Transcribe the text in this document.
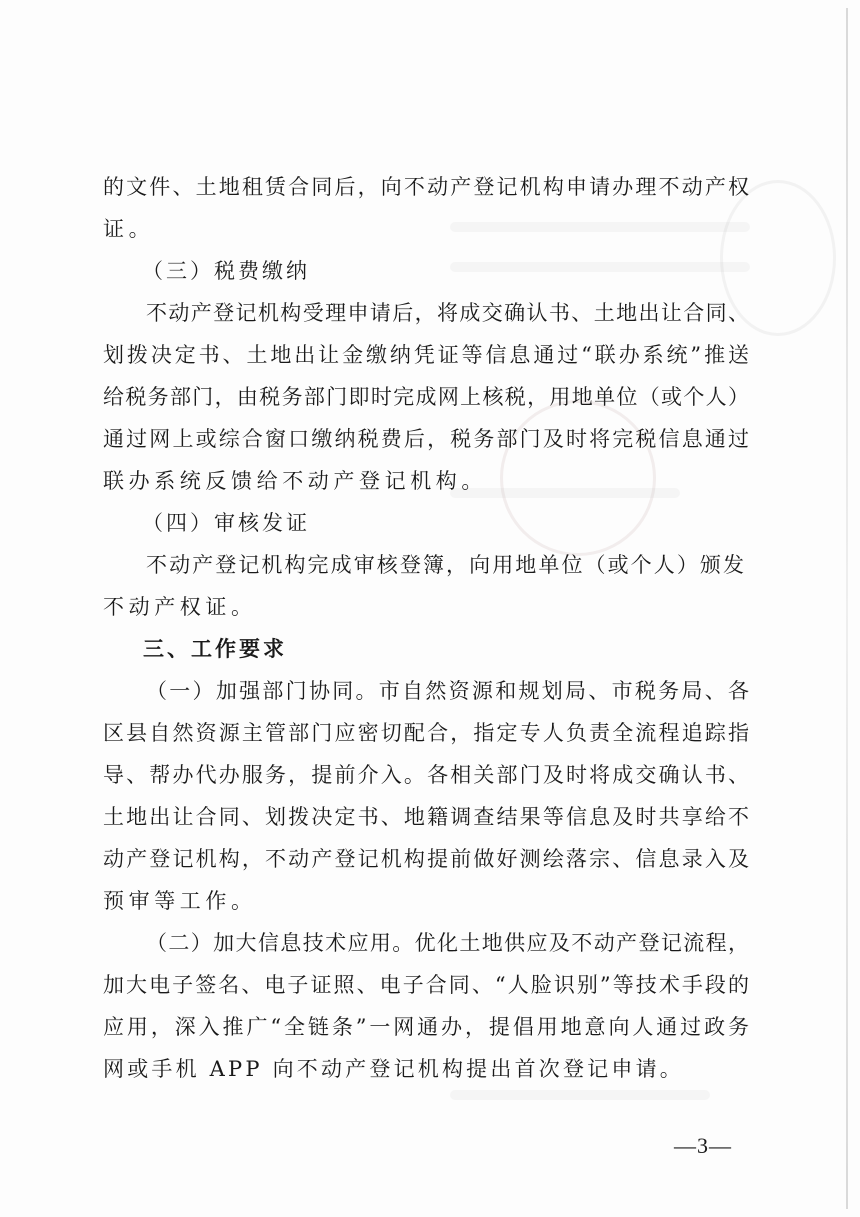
的文件、土地租赁合同后，向不动产登记机构申请办理不动产权
证。
（三）税费缴纳
不动产登记机构受理申请后，将成交确认书、土地出让合同、
划拨决定书、土地出让金缴纳凭证等信息通过“联办系统”推送
给税务部门，由税务部门即时完成网上核税，用地单位（或个人）
通过网上或综合窗口缴纳税费后，税务部门及时将完税信息通过
联办系统反馈给不动产登记机构。
（四）审核发证
不动产登记机构完成审核登簿，向用地单位（或个人）颁发
不动产权证。
三、工作要求
（一）加强部门协同。市自然资源和规划局、市税务局、各
区县自然资源主管部门应密切配合，指定专人负责全流程追踪指
导、帮办代办服务，提前介入。各相关部门及时将成交确认书、
土地出让合同、划拨决定书、地籍调查结果等信息及时共享给不
动产登记机构，不动产登记机构提前做好测绘落宗、信息录入及
预审等工作。
（二）加大信息技术应用。优化土地供应及不动产登记流程，
加大电子签名、电子证照、电子合同、“人脸识别”等技术手段的
应用，深入推广“全链条”一网通办，提倡用地意向人通过政务
网或手机 APP 向不动产登记机构提出首次登记申请。
—3—
